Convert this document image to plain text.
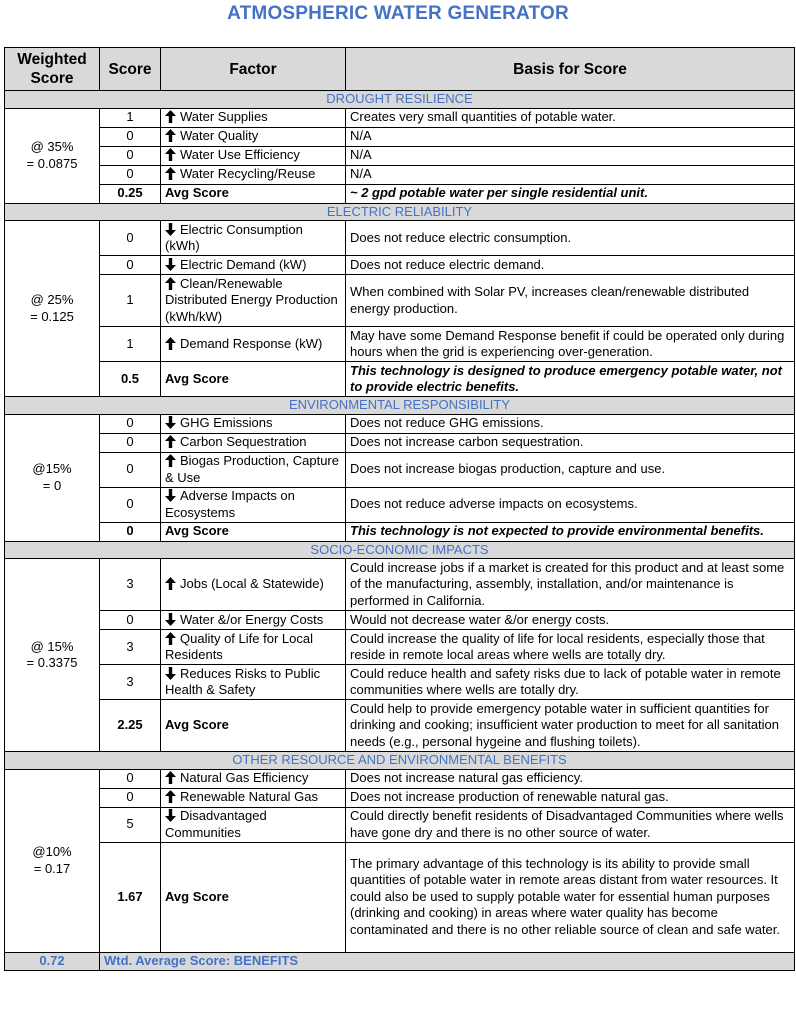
ATMOSPHERIC WATER GENERATOR
Weighted Score	Score	Factor	Basis for Score
DROUGHT RESILIENCE			

@ 35%
= 0.0875	1	Water Supplies	Creates very small quantities of potable water.
	0	Water Quality	N/A
	0	Water Use Efficiency	N/A
	0	Water Recycling/Reuse	N/A
	0.25	Avg Score	~ 2 gpd potable water per single residential unit.
ELECTRIC RELIABILITY			

@ 25%
= 0.125	0	Electric Consumption (kWh)	Does not reduce electric consumption.
	0	Electric Demand (kW)	Does not reduce electric demand.
	1	Clean/Renewable Distributed Energy Production (kWh/kW)	When combined with Solar PV, increases clean/renewable distributed energy production.
	1	Demand Response (kW)	May have some Demand Response benefit if could be operated only during hours when the grid is experiencing over-generation.
	0.5	Avg Score	This technology is designed to produce emergency potable water, not to provide electric benefits.
ENVIRONMENTAL RESPONSIBILITY			

@15%
= 0	0	GHG Emissions	Does not reduce GHG emissions.
	0	Carbon Sequestration	Does not increase carbon sequestration.
	0	Biogas Production, Capture & Use	Does not increase biogas production, capture and use.
	0	Adverse Impacts on Ecosystems	Does not reduce adverse impacts on ecosystems.
	0	Avg Score	This technology is not expected to provide environmental benefits.
SOCIO-ECONOMIC IMPACTS			

@ 15%
= 0.3375	3	Jobs (Local & Statewide)	Could increase jobs if a market is created for this product and at least some of the manufacturing, assembly, installation, and/or maintenance is performed in California.
	0	Water &/or Energy Costs	Would not decrease water &/or energy costs.
	3	Quality of Life for Local Residents	Could increase the quality of life for local residents, especially those that reside in remote local areas where wells are totally dry.
	3	Reduces Risks to Public Health & Safety	Could reduce health and safety risks due to lack of potable water in remote communities where wells are totally dry.
	2.25	Avg Score	Could help to provide emergency potable water in sufficient quantities for drinking and cooking; insufficient water production to meet for all sanitation needs (e.g., personal hygeine and flushing toilets).
OTHER RESOURCE AND ENVIRONMENTAL BENEFITS			

@10%
= 0.17	0	Natural Gas Efficiency	Does not increase natural gas efficiency.
	0	Renewable Natural Gas	Does not increase production of renewable natural gas.
	5	Disadvantaged Communities	Could directly benefit residents of Disadvantaged Communities where wells have gone dry and there is no other source of water.
	1.67	Avg Score	The primary advantage of this technology is its ability to provide small quantities of potable water in remote areas distant from water resources. It could also be used to supply potable water for essential human purposes (drinking and cooking) in areas where water quality has become contaminated and there is no other reliable source of clean and safe water.
0.72	Wtd. Average Score: BENEFITS		
